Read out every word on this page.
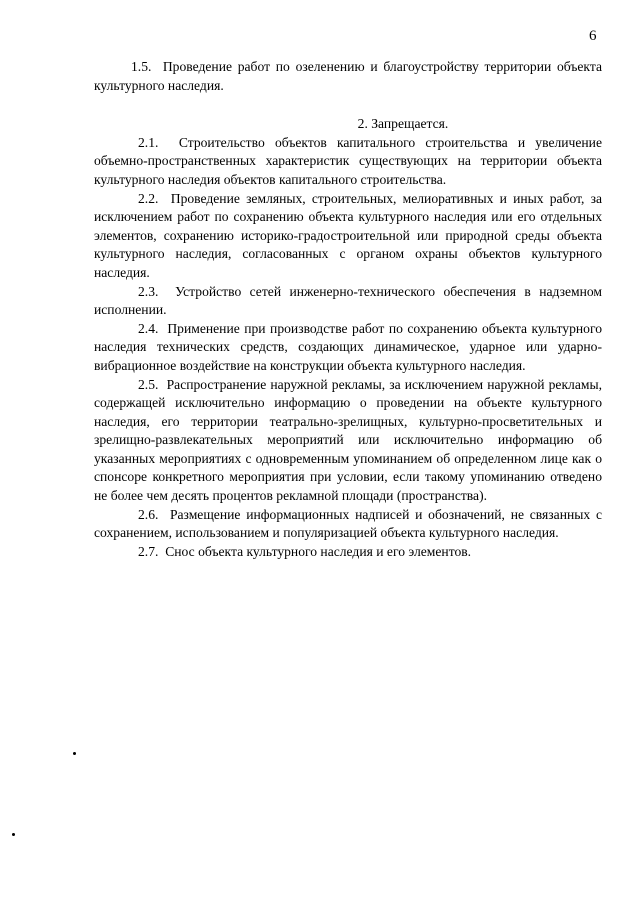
6

1.5. Проведение работ по озеленению и благоустройству территории объекта культурного наследия.

2. Запрещается.

2.1. Строительство объектов капитального строительства и увеличение объемно-пространственных характеристик существующих на территории объекта культурного наследия объектов капитального строительства.

2.2. Проведение земляных, строительных, мелиоративных и иных работ, за исключением работ по сохранению объекта культурного наследия или его отдельных элементов, сохранению историко-градостроительной или природной среды объекта культурного наследия, согласованных с органом охраны объектов культурного наследия.

2.3. Устройство сетей инженерно-технического обеспечения в надземном исполнении.

2.4. Применение при производстве работ по сохранению объекта культурного наследия технических средств, создающих динамическое, ударное или ударно-вибрационное воздействие на конструкции объекта культурного наследия.

2.5. Распространение наружной рекламы, за исключением наружной рекламы, содержащей исключительно информацию о проведении на объекте культурного наследия, его территории театрально-зрелищных, культурно-просветительных и зрелищно-развлекательных мероприятий или исключительно информацию об указанных мероприятиях с одновременным упоминанием об определенном лице как о спонсоре конкретного мероприятия при условии, если такому упоминанию отведено не более чем десять процентов рекламной площади (пространства).

2.6. Размещение информационных надписей и обозначений, не связанных с сохранением, использованием и популяризацией объекта культурного наследия.

2.7. Снос объекта культурного наследия и его элементов.
